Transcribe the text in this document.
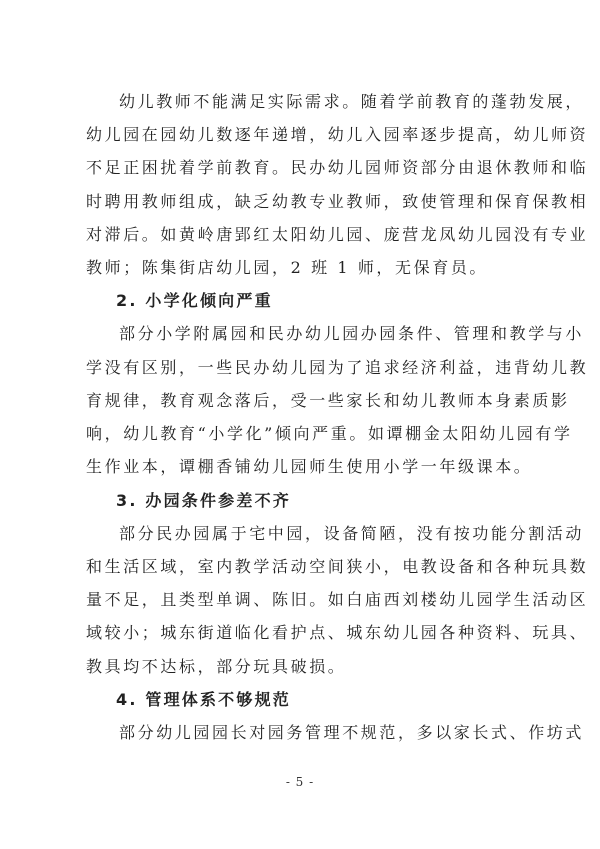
幼儿教师不能满足实际需求。随着学前教育的蓬勃发展，
幼儿园在园幼儿数逐年递增，幼儿入园率逐步提高，幼儿师资
不足正困扰着学前教育。民办幼儿园师资部分由退休教师和临
时聘用教师组成，缺乏幼教专业教师，致使管理和保育保教相
对滞后。如黄岭唐郢红太阳幼儿园、庞营龙凤幼儿园没有专业
教师；陈集街店幼儿园，2 班 1 师，无保育员。
2. 小学化倾向严重
部分小学附属园和民办幼儿园办园条件、管理和教学与小
学没有区别，一些民办幼儿园为了追求经济利益，违背幼儿教
育规律，教育观念落后，受一些家长和幼儿教师本身素质影
响，幼儿教育“小学化”倾向严重。如谭棚金太阳幼儿园有学
生作业本，谭棚香铺幼儿园师生使用小学一年级课本。
3. 办园条件参差不齐
部分民办园属于宅中园，设备简陋，没有按功能分割活动
和生活区域，室内教学活动空间狭小，电教设备和各种玩具数
量不足，且类型单调、陈旧。如白庙西刘楼幼儿园学生活动区
域较小；城东街道临化看护点、城东幼儿园各种资料、玩具、
教具均不达标，部分玩具破损。
4. 管理体系不够规范
部分幼儿园园长对园务管理不规范，多以家长式、作坊式
- 5 -
